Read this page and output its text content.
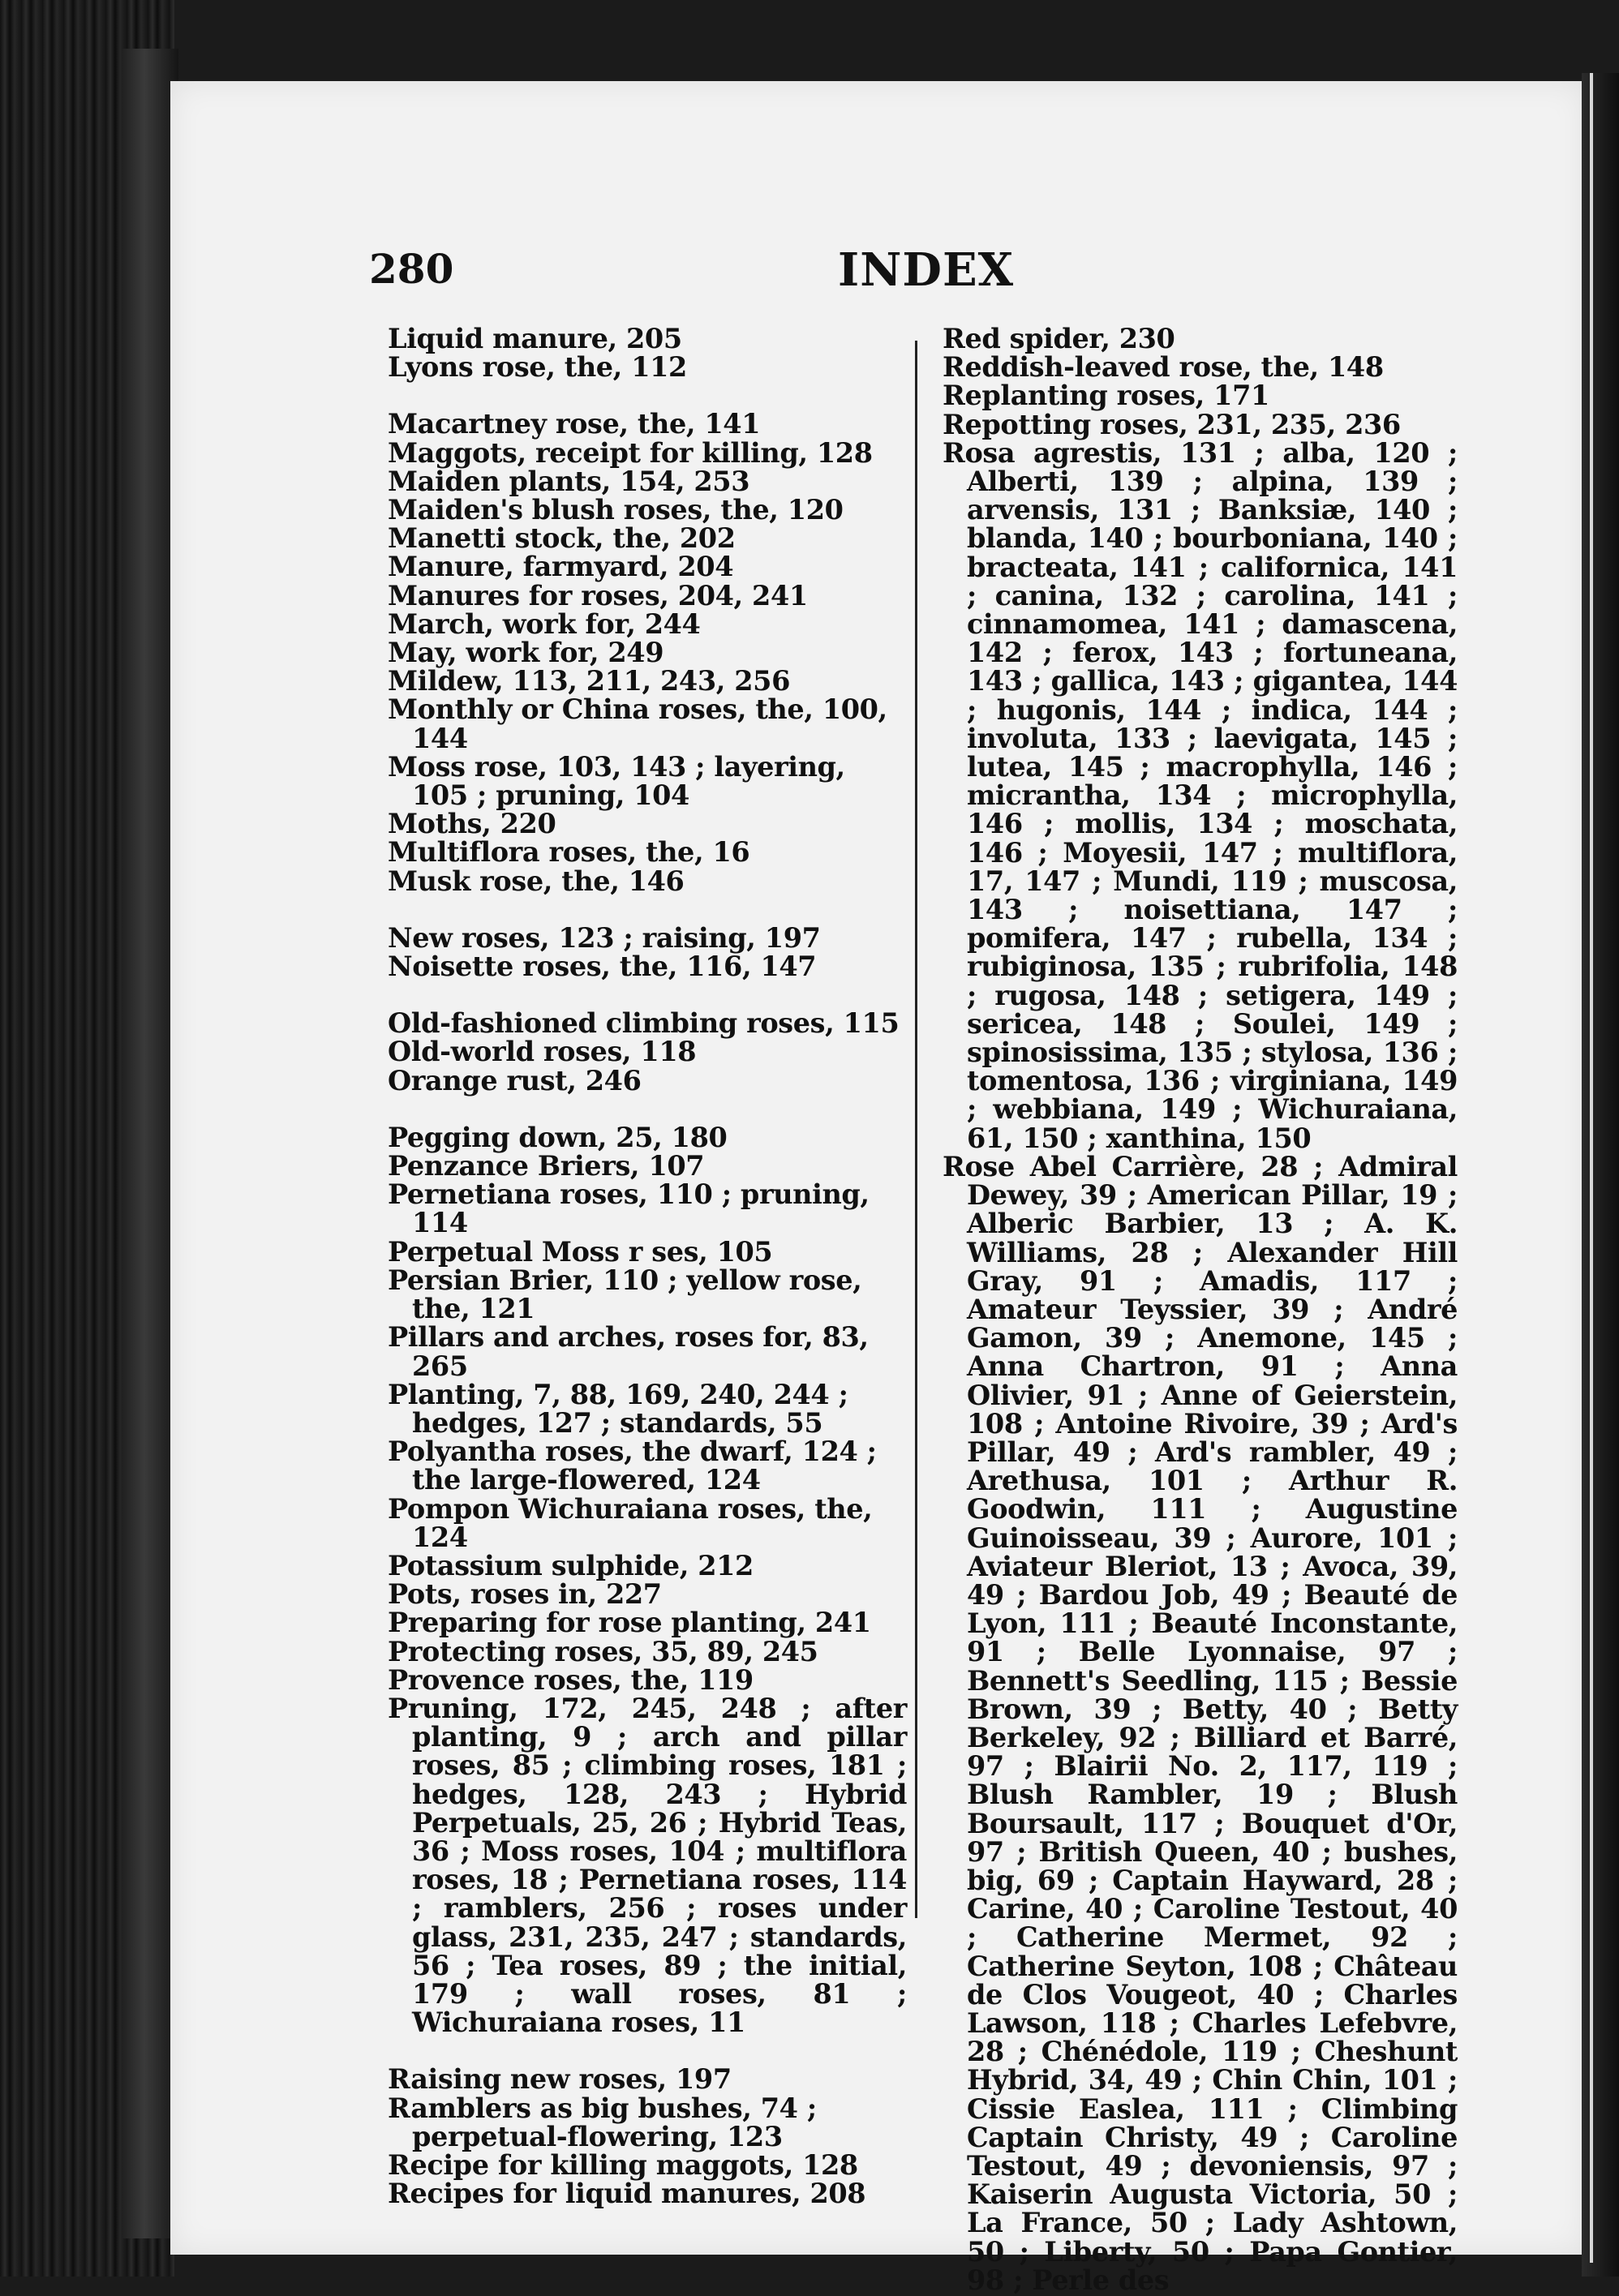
280	INDEX

Liquid manure, 205

Lyons rose, the, 112

Macartney rose, the, 141

Maggots, receipt for killing, 128

Maiden plants, 154, 253

Maiden's blush roses, the, 120

Manetti stock, the, 202

Manure, farmyard, 204

Manures for roses, 204, 241

March, work for, 244

May, work for, 249

Mildew, 113, 211, 243, 256

Monthly or China roses, the, 100, 144

Moss rose, 103, 143 ; layering, 105 ; pruning, 104

Moths, 220

Multiflora roses, the, 16

Musk rose, the, 146

New roses, 123 ; raising, 197

Noisette roses, the, 116, 147

Old-fashioned climbing roses, 115

Old-world roses, 118

Orange rust, 246

Pegging down, 25, 180

Penzance Briers, 107

Pernetiana roses, 110 ; pruning, 114

Perpetual Moss r ses, 105

Persian Brier, 110 ; yellow rose, the, 121

Pillars and arches, roses for, 83, 265

Planting, 7, 88, 169, 240, 244 ; hedges, 127 ; standards, 55

Polyantha roses, the dwarf, 124 ; the large-flowered, 124

Pompon Wichuraiana roses, the, 124

Potassium sulphide, 212

Pots, roses in, 227

Preparing for rose planting, 241

Protecting roses, 35, 89, 245

Provence roses, the, 119

Pruning, 172, 245, 248 ; after planting, 9 ; arch and pillar roses, 85 ; climbing roses, 181 ; hedges, 128, 243 ; Hybrid Perpetuals, 25, 26 ; Hybrid Teas, 36 ; Moss roses, 104 ; multiflora roses, 18 ; Pernetiana roses, 114 ; ramblers, 256 ; roses under glass, 231, 235, 247 ; standards, 56 ; Tea roses, 89 ; the initial, 179 ; wall roses, 81 ; Wichuraiana roses, 11

Raising new roses, 197

Ramblers as big bushes, 74 ; perpetual-flowering, 123

Recipe for killing maggots, 128

Recipes for liquid manures, 208

Red spider, 230

Reddish-leaved rose, the, 148

Replanting roses, 171

Repotting roses, 231, 235, 236

Rosa agrestis, 131 ; alba, 120 ; Alberti, 139 ; alpina, 139 ; arvensis, 131 ; Banksiæ, 140 ; blanda, 140 ; bourboniana, 140 ; bracteata, 141 ; californica, 141 ; canina, 132 ; carolina, 141 ; cinnamomea, 141 ; damascena, 142 ; ferox, 143 ; fortuneana, 143 ; gallica, 143 ; gigantea, 144 ; hugonis, 144 ; indica, 144 ; involuta, 133 ; laevigata, 145 ; lutea, 145 ; macrophylla, 146 ; micrantha, 134 ; microphylla, 146 ; mollis, 134 ; moschata, 146 ; Moyesii, 147 ; multiflora, 17, 147 ; Mundi, 119 ; muscosa, 143 ; noisettiana, 147 ; pomifera, 147 ; rubella, 134 ; rubiginosa, 135 ; rubrifolia, 148 ; rugosa, 148 ; setigera, 149 ; sericea, 148 ; Soulei, 149 ; spinosissima, 135 ; stylosa, 136 ; tomentosa, 136 ; virginiana, 149 ; webbiana, 149 ; Wichuraiana, 61, 150 ; xanthina, 150

Rose Abel Carrière, 28 ; Admiral Dewey, 39 ; American Pillar, 19 ; Alberic Barbier, 13 ; A. K. Williams, 28 ; Alexander Hill Gray, 91 ; Amadis, 117 ; Amateur Teyssier, 39 ; André Gamon, 39 ; Anemone, 145 ; Anna Chartron, 91 ; Anna Olivier, 91 ; Anne of Geierstein, 108 ; Antoine Rivoire, 39 ; Ard's Pillar, 49 ; Ard's rambler, 49 ; Arethusa, 101 ; Arthur R. Goodwin, 111 ; Augustine Guinoisseau, 39 ; Aurore, 101 ; Aviateur Bleriot, 13 ; Avoca, 39, 49 ; Bardou Job, 49 ; Beauté de Lyon, 111 ; Beauté Inconstante, 91 ; Belle Lyonnaise, 97 ; Bennett's Seedling, 115 ; Bessie Brown, 39 ; Betty, 40 ; Betty Berkeley, 92 ; Billiard et Barré, 97 ; Blairii No. 2, 117, 119 ; Blush Rambler, 19 ; Blush Boursault, 117 ; Bouquet d'Or, 97 ; British Queen, 40 ; bushes, big, 69 ; Captain Hayward, 28 ; Carine, 40 ; Caroline Testout, 40 ; Catherine Mermet, 92 ; Catherine Seyton, 108 ; Château de Clos Vougeot, 40 ; Charles Lawson, 118 ; Charles Lefebvre, 28 ; Chénédole, 119 ; Cheshunt Hybrid, 34, 49 ; Chin Chin, 101 ; Cissie Easlea, 111 ; Climbing Captain Christy, 49 ; Caroline Testout, 49 ; devoniensis, 97 ; Kaiserin Augusta Victoria, 50 ; La France, 50 ; Lady Ashtown, 50 ; Liberty, 50 ; Papa Gontier, 98 ; Perle des
